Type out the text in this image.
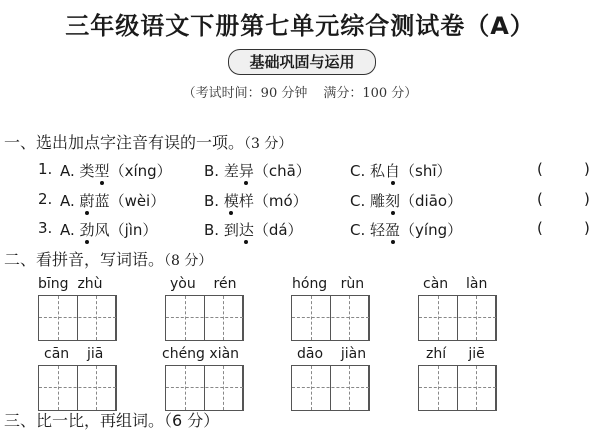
三年级语文下册第七单元综合测试卷（A）
基础巩固与运用
（考试时间：90 分钟 满分：100 分）
一、选出加点字注音有误的一项。（3 分）
1. A. 类型（xíng） B. 差异（chā）	C. 私自（shī）	(	)
2. A. 蔚蓝（wèi）	B. 模样（mó）	C. 雕刻（diāo）	(	)
3. A. 劲风（jìn）	B. 到达（dá）	C. 轻盈（yíng）	(	)
二、看拼音，写词语。（8 分）
bīng zhù	yòu rén	hóng rùn	càn làn
cān jiā	chéng xiàn	dāo jiàn	zhí jiē
三、比一比，再组词。（6 分）
